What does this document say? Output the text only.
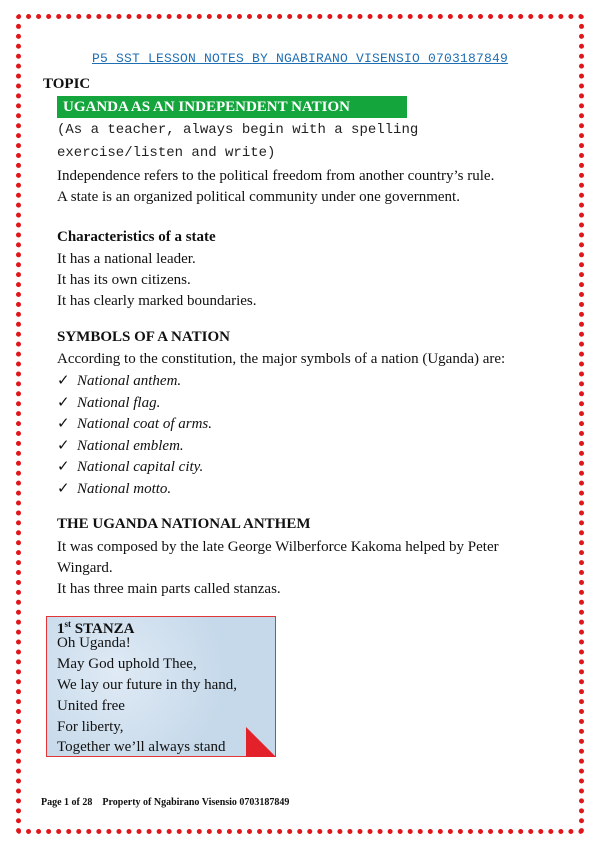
P5 SST LESSON NOTES BY NGABIRANO VISENSIO 0703187849
TOPIC
UGANDA AS AN INDEPENDENT NATION
(As a teacher, always begin with a spelling
exercise/listen and write)
Independence refers to the political freedom from another country’s rule.
A state is an organized political community under one government.
Characteristics of a state
It has a national leader.
It has its own citizens.
It has clearly marked boundaries.
SYMBOLS OF A NATION
According to the constitution, the major symbols of a nation (Uganda) are:
✓ National anthem.
✓ National flag.
✓ National coat of arms.
✓ National emblem.
✓ National capital city.
✓ National motto.
THE UGANDA NATIONAL ANTHEM
It was composed by the late George Wilberforce Kakoma helped by Peter
Wingard.
It has three main parts called stanzas.
1st STANZA
Oh Uganda!
May God uphold Thee,
We lay our future in thy hand,
United free
For liberty,
Together we’ll always stand
Page 1 of 28 Property of Ngabirano Visensio 0703187849
